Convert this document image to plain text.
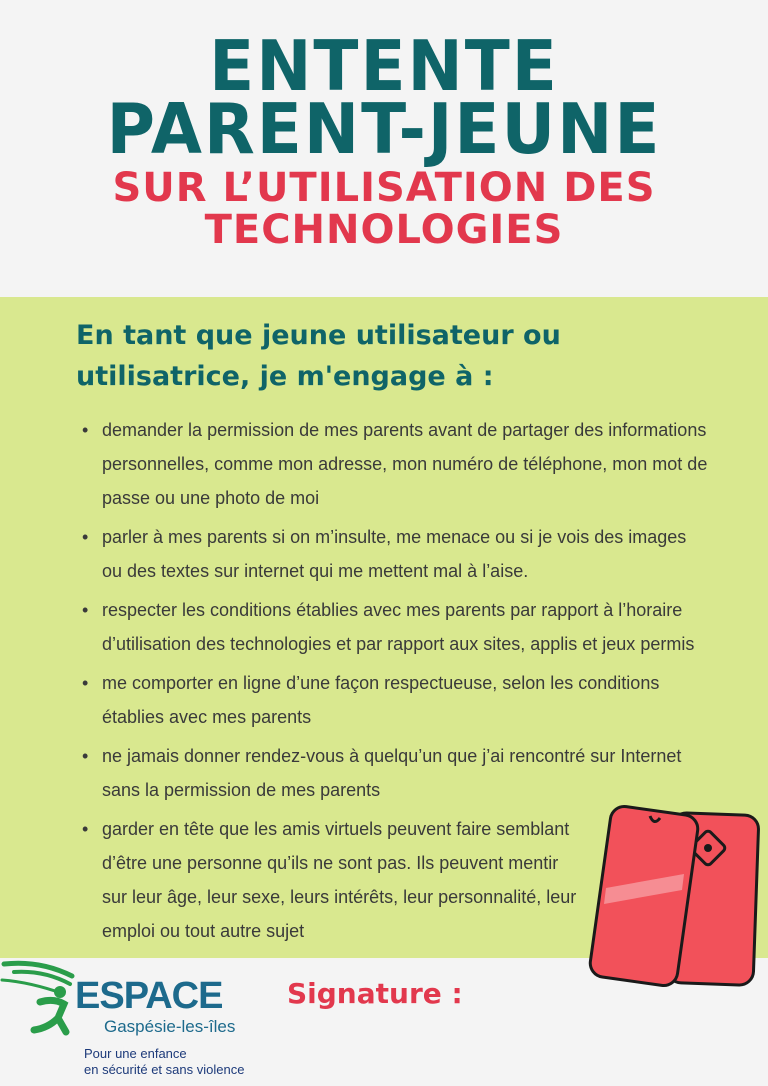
ENTENTE
PARENT-JEUNE
SUR L’UTILISATION DES
TECHNOLOGIES
En tant que jeune utilisateur ou
utilisatrice, je m'engage à :
• demander la permission de mes parents avant de partager des informations personnelles, comme mon adresse, mon numéro de téléphone, mon mot de passe ou une photo de moi
• parler à mes parents si on m’insulte, me menace ou si je vois des images ou des textes sur internet qui me mettent mal à l’aise.
• respecter les conditions établies avec mes parents par rapport à l’horaire d’utilisation des technologies et par rapport aux sites, applis et jeux permis
• me comporter en ligne d’une façon respectueuse, selon les conditions établies avec mes parents
• ne jamais donner rendez-vous à quelqu’un que j’ai rencontré sur Internet sans la permission de mes parents
• garder en tête que les amis virtuels peuvent faire semblant d’être une personne qu’ils ne sont pas. Ils peuvent mentir sur leur âge, leur sexe, leurs intérêts, leur personnalité, leur emploi ou tout autre sujet
ESPACE
Gaspésie-les-îles
Pour une enfance
en sécurité et sans violence
Signature :
